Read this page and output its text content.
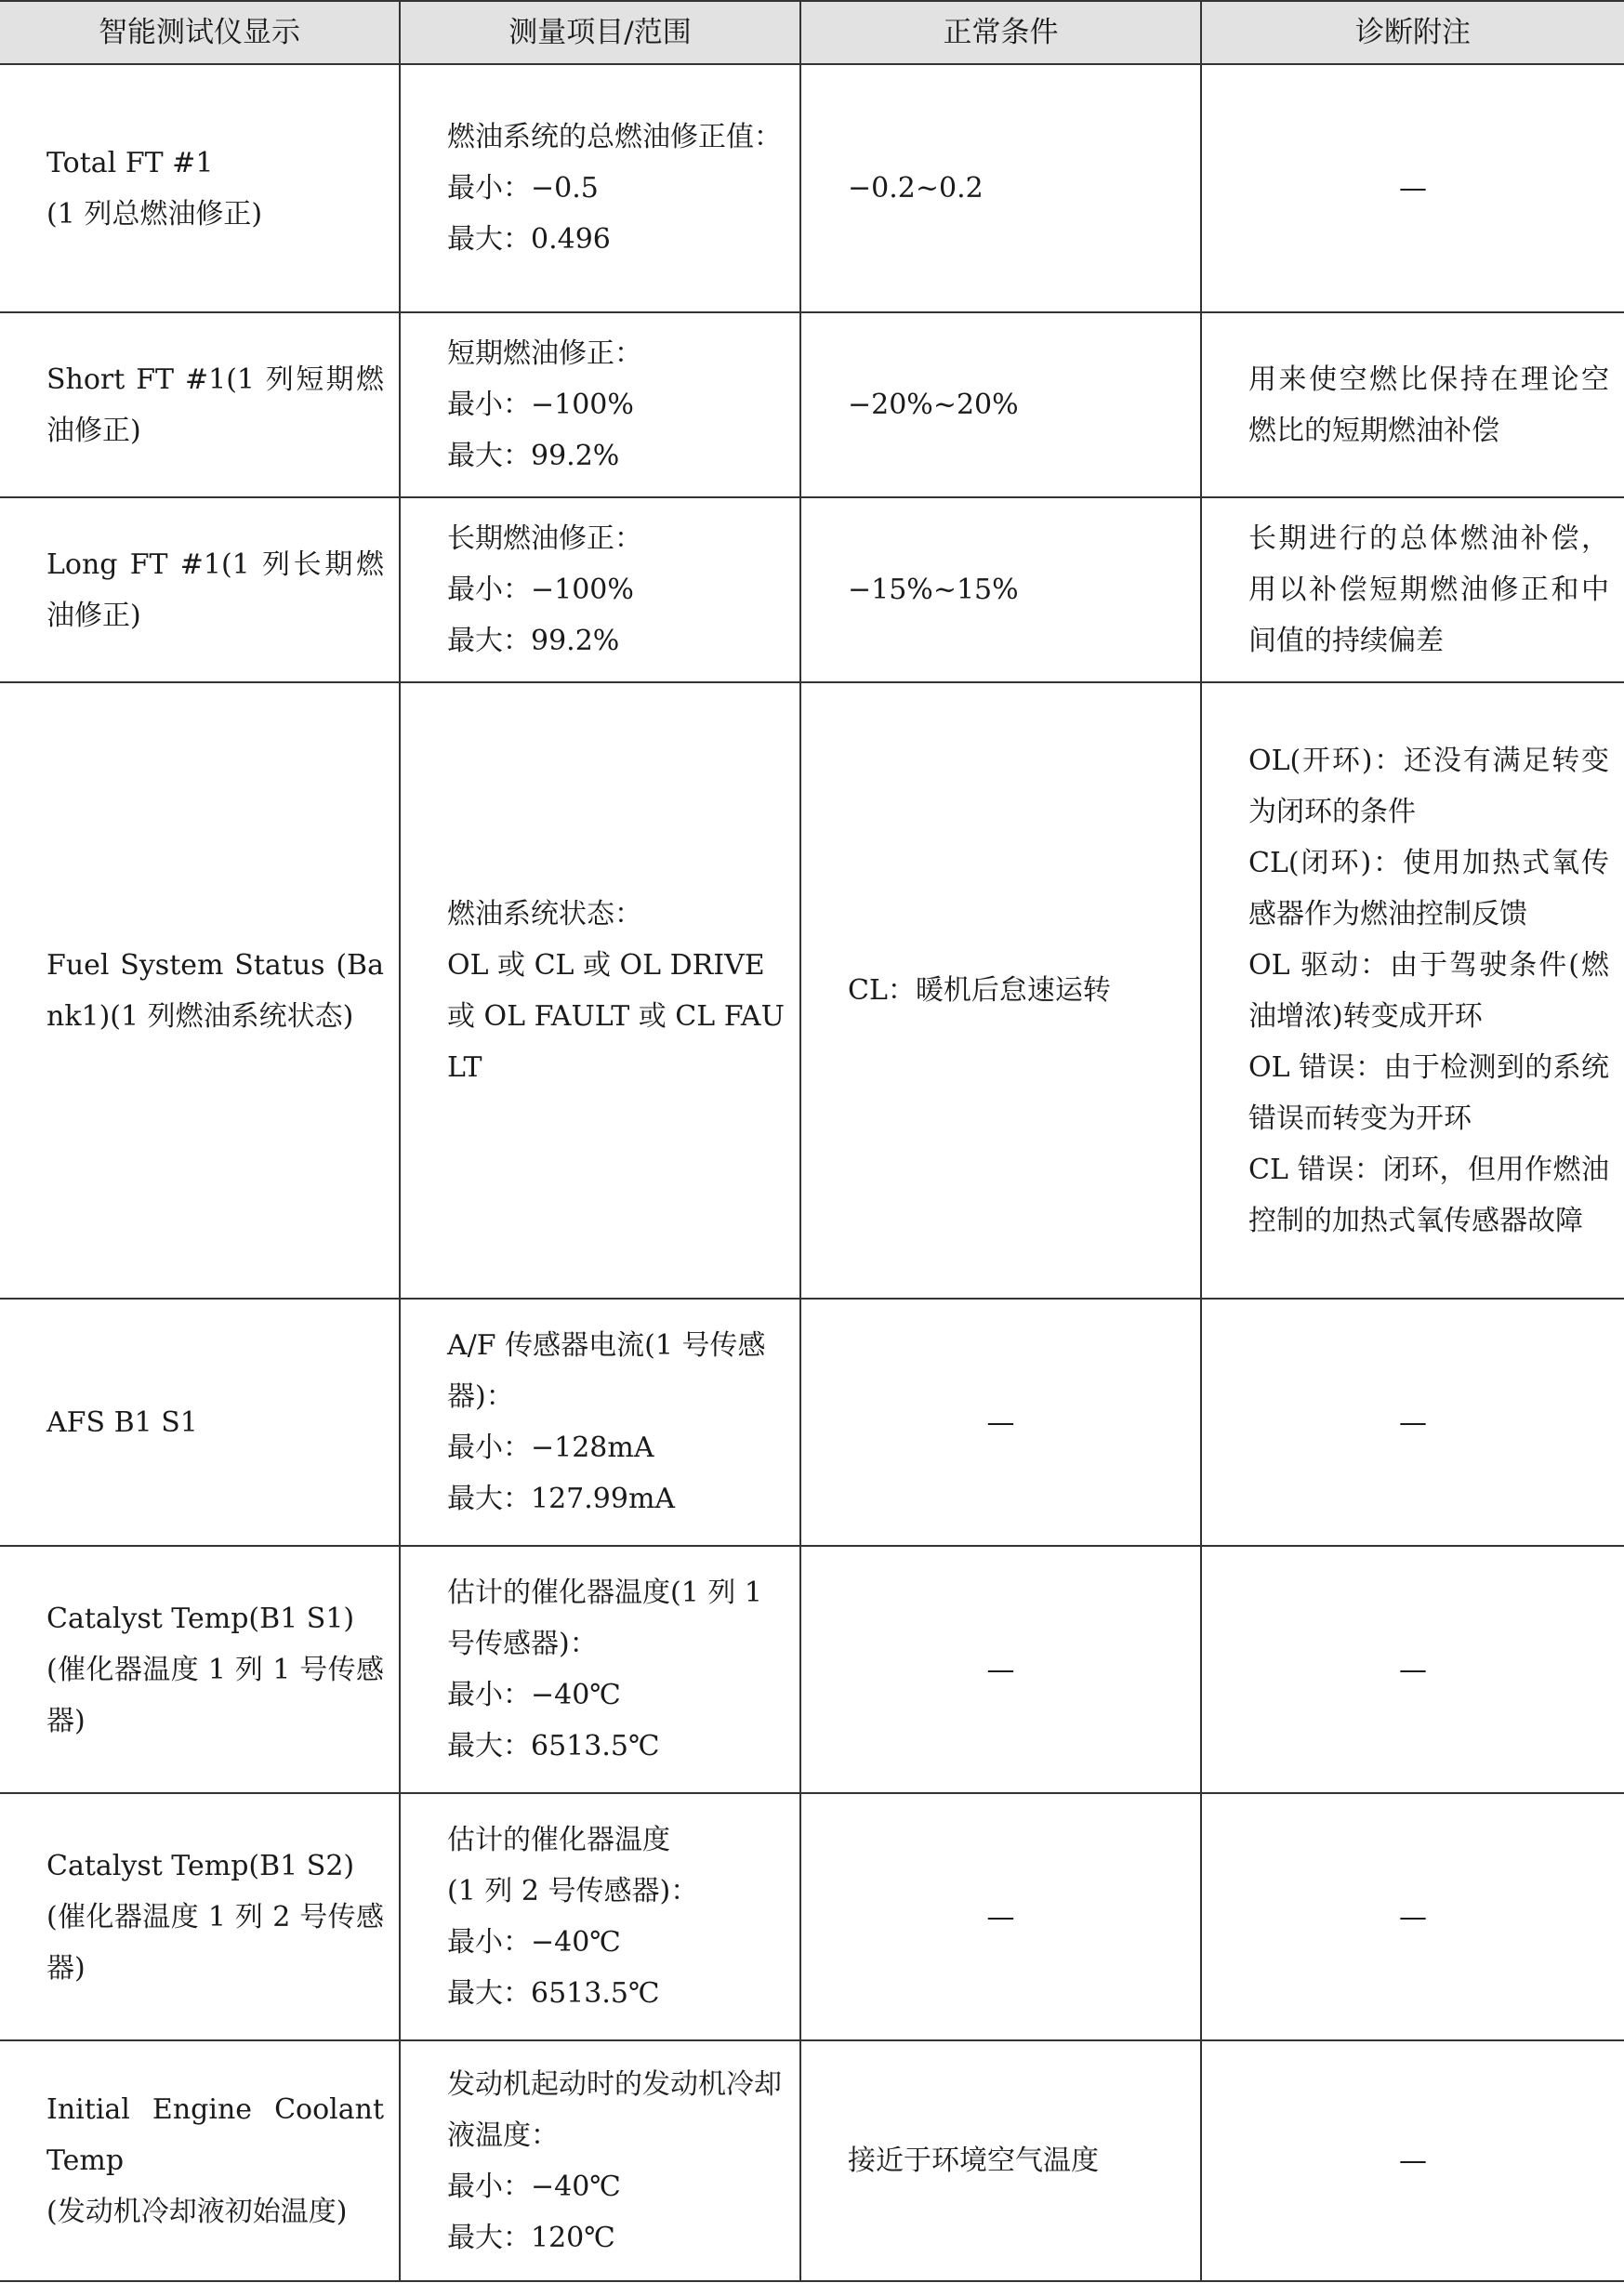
智能测试仪显示	测量项目/范围	正常条件	诊断附注

Total FT #1
(1 列总燃油修正)	燃油系统的总燃油修正值：
最小：−0.5
最大：0.496	−0.2~0.2	—

Short FT #1(1 列短期燃油修正)	短期燃油修正：
最小：−100%
最大：99.2%	−20%~20%	用来使空燃比保持在理论空燃比的短期燃油补偿

Long FT #1(1 列长期燃油修正)	长期燃油修正：
最小：−100%
最大：99.2%	−15%~15%	长期进行的总体燃油补偿，用以补偿短期燃油修正和中间值的持续偏差

Fuel System Status (Bank1)(1 列燃油系统状态)	燃油系统状态：
OL 或 CL 或 OL DRIVE 或 OL FAULT 或 CL FAULT	CL：暖机后怠速运转	OL(开环)：还没有满足转变为闭环的条件
CL(闭环)：使用加热式氧传感器作为燃油控制反馈
OL 驱动：由于驾驶条件(燃油增浓)转变成开环
OL 错误：由于检测到的系统错误而转变为开环
CL 错误：闭环，但用作燃油控制的加热式氧传感器故障

AFS B1 S1	A/F 传感器电流(1 号传感器)：
最小：−128mA
最大：127.99mA	—	—

Catalyst Temp(B1 S1)
(催化器温度 1 列 1 号传感器)	估计的催化器温度(1 列 1 号传感器)：
最小：−40℃
最大：6513.5℃	—	—

Catalyst Temp(B1 S2)
(催化器温度 1 列 2 号传感器)	估计的催化器温度
(1 列 2 号传感器)：
最小：−40℃
最大：6513.5℃	—	—

Initial Engine Coolant Temp
(发动机冷却液初始温度)	发动机起动时的发动机冷却液温度：
最小：−40℃
最大：120℃	接近于环境空气温度	—
